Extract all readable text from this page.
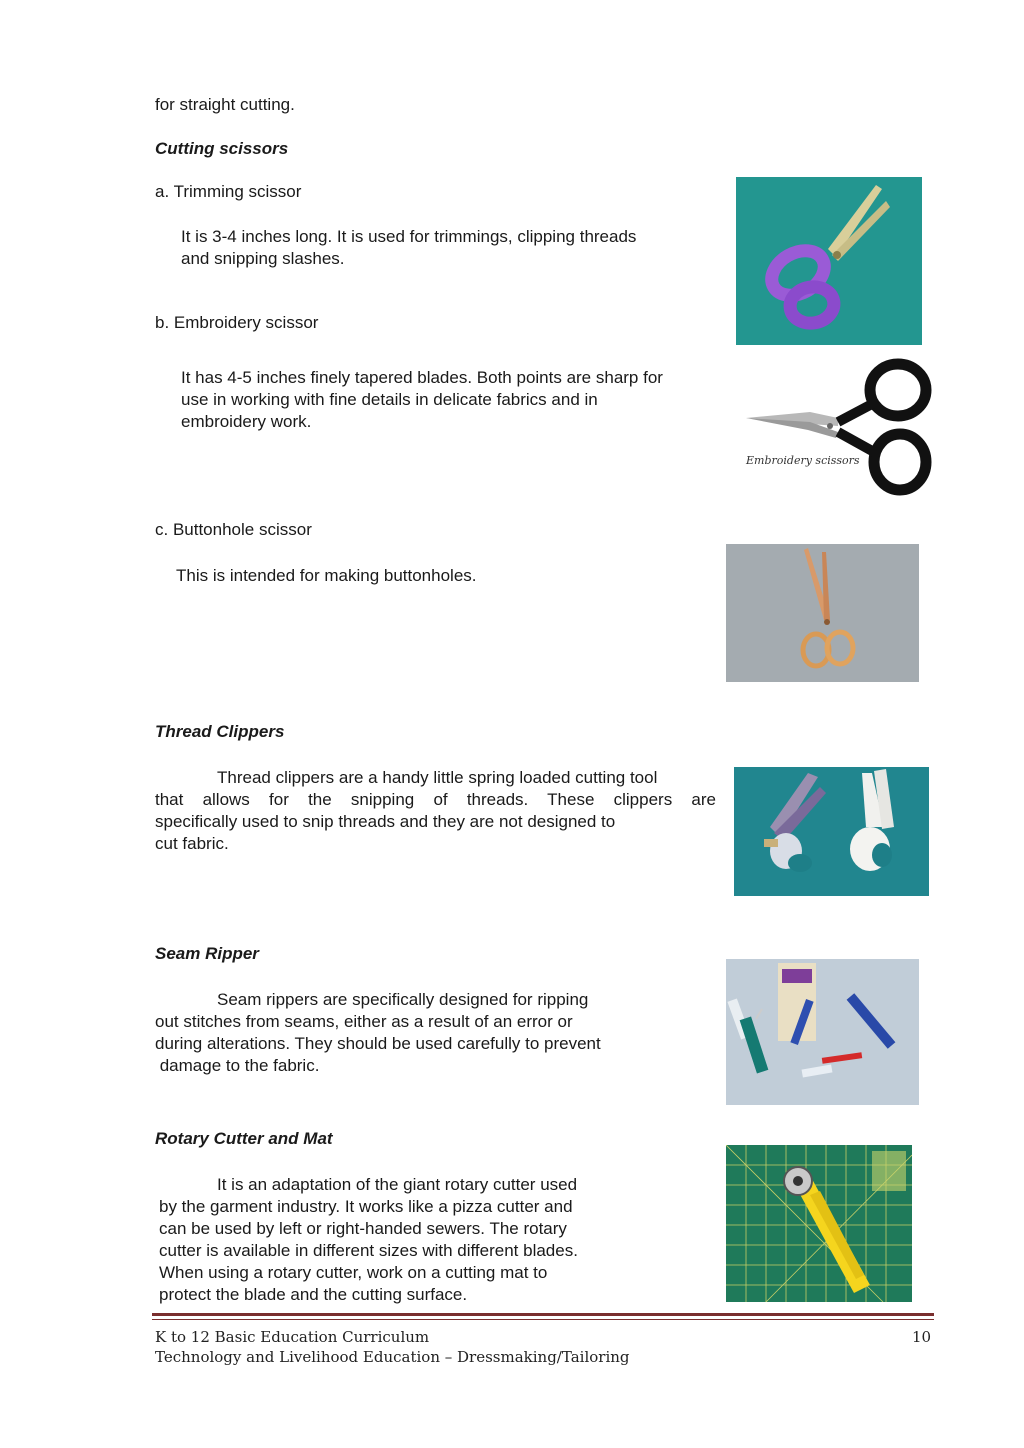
for straight cutting.
Cutting scissors
a. Trimming scissor
It is 3-4 inches long. It is used for trimmings, clipping threads
and snipping slashes.
b. Embroidery scissor
It has 4-5 inches finely tapered blades. Both points are sharp for
use in working with fine details in delicate fabrics and in
embroidery work.
c. Buttonhole scissor
This is intended for making buttonholes.
Thread Clippers
Thread clippers are a handy little spring loaded cutting tool
that allows for the snipping of threads. These clippers are
specifically used to snip threads and they are not designed to
cut fabric.
Seam Ripper
Seam rippers are specifically designed for ripping
out stitches from seams, either as a result of an error or
during alterations. They should be used carefully to prevent
damage to the fabric.
Rotary Cutter and Mat
It is an adaptation of the giant rotary cutter used
by the garment industry. It works like a pizza cutter and
can be used by left or right-handed sewers. The rotary
cutter is available in different sizes with different blades.
When using a rotary cutter, work on a cutting mat to
protect the blade and the cutting surface.
Embroidery scissors
K to 12 Basic Education Curriculum
Technology and Livelihood Education – Dressmaking/Tailoring
10
